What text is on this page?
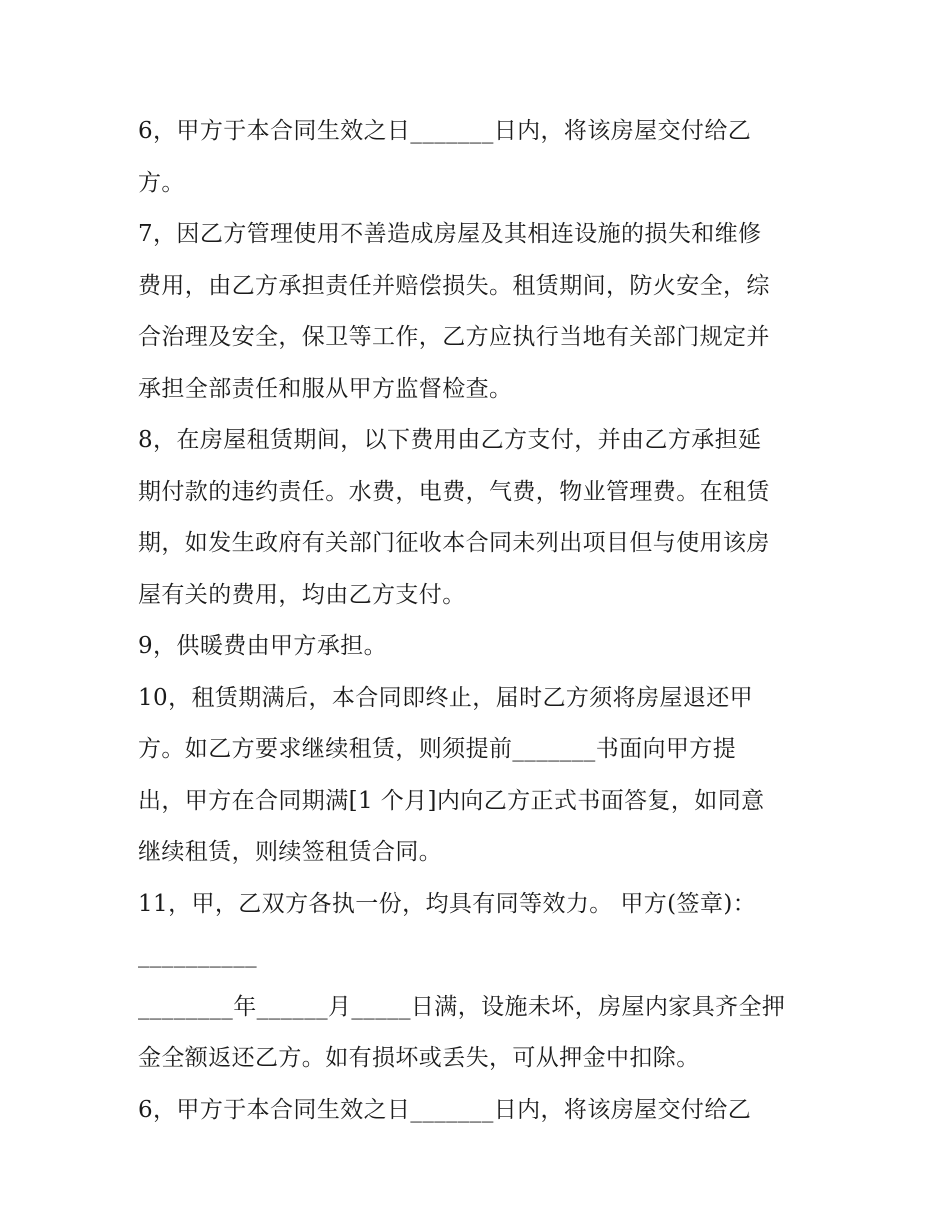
6，甲方于本合同生效之日_______日内，将该房屋交付给乙
方。
7，因乙方管理使用不善造成房屋及其相连设施的损失和维修
费用，由乙方承担责任并赔偿损失。租赁期间，防火安全，综
合治理及安全，保卫等工作，乙方应执行当地有关部门规定并
承担全部责任和服从甲方监督检查。
8，在房屋租赁期间，以下费用由乙方支付，并由乙方承担延
期付款的违约责任。水费，电费，气费，物业管理费。在租赁
期，如发生政府有关部门征收本合同未列出项目但与使用该房
屋有关的费用，均由乙方支付。
9，供暖费由甲方承担。
10，租赁期满后，本合同即终止，届时乙方须将房屋退还甲
方。如乙方要求继续租赁，则须提前_______书面向甲方提
出，甲方在合同期满[1 个月]内向乙方正式书面答复，如同意
继续租赁，则续签租赁合同。
11，甲，乙双方各执一份，均具有同等效力。 甲方(签章)：
__________
________年______月_____日满，设施未坏，房屋内家具齐全押
金全额返还乙方。如有损坏或丢失，可从押金中扣除。
6，甲方于本合同生效之日_______日内，将该房屋交付给乙
